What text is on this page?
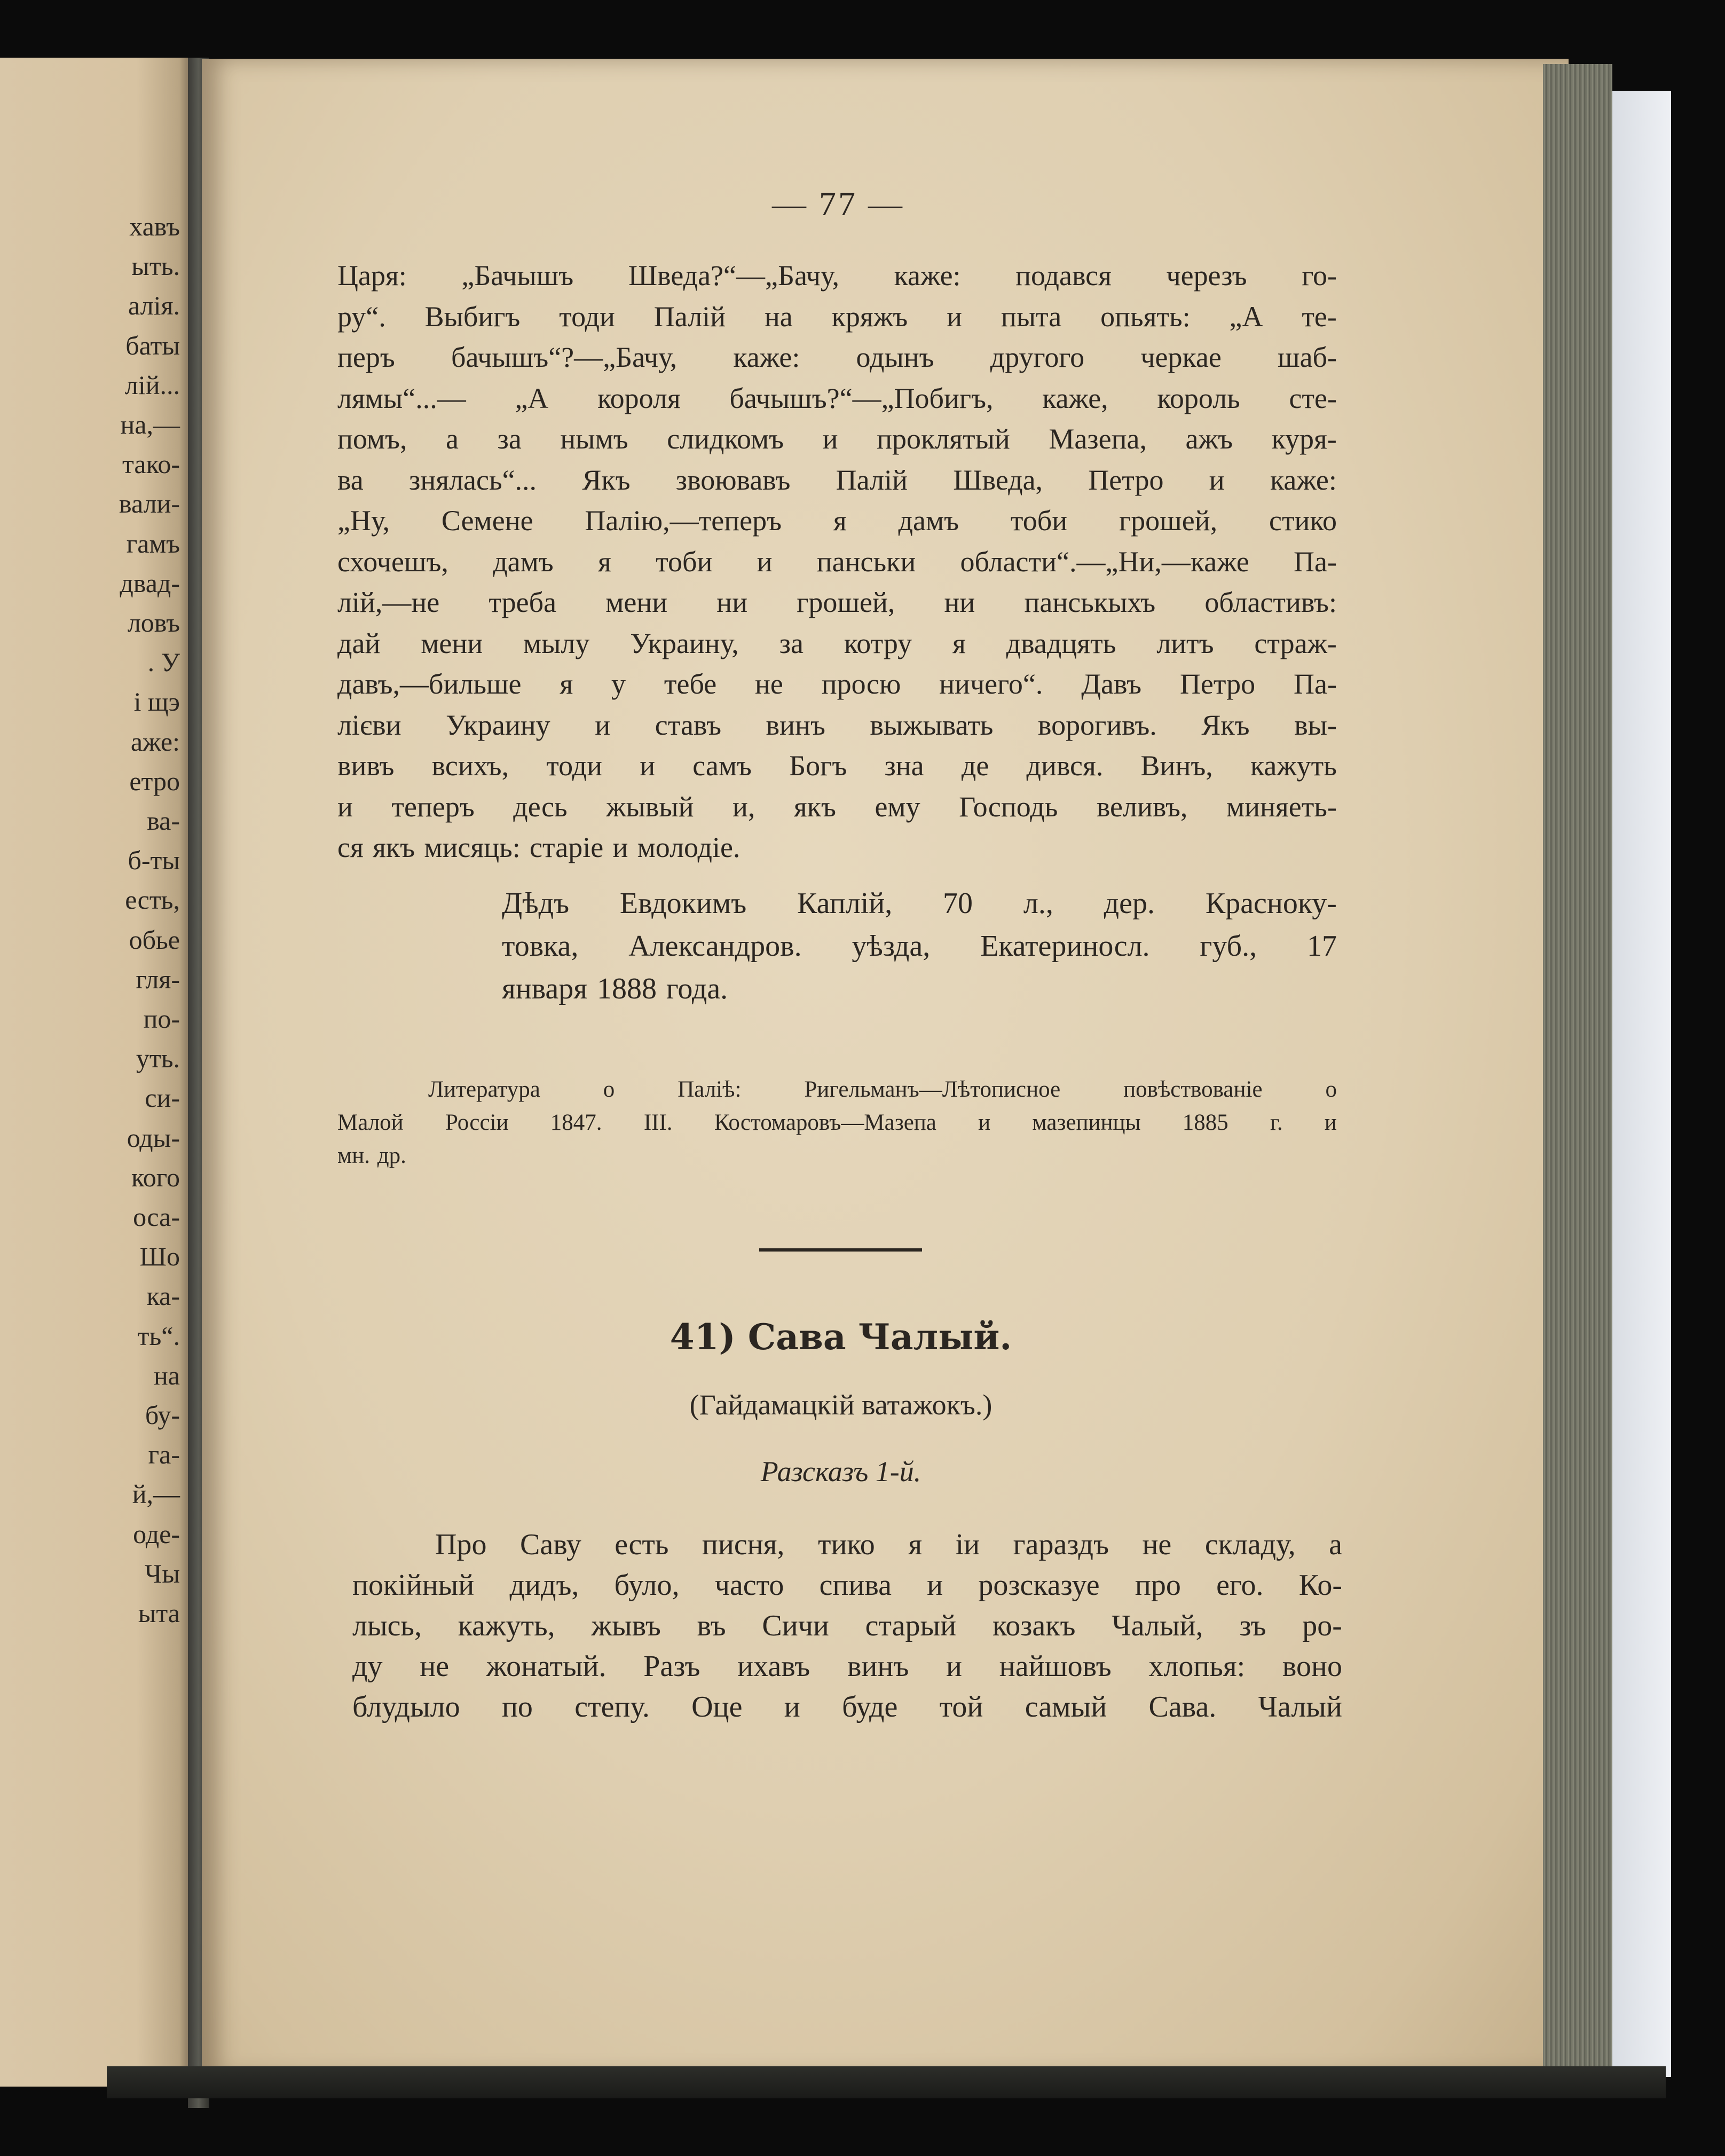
хавъ
ыть.
алія.
баты
лій...
на,—
тако-
вали-
гамъ
двад-
ловъ
. У
і щэ
аже:
етро
ва-
б-ты
есть,
обье
гля-
по-
уть.
си-
оды-
кого
оса-
Шо
ка-
ть“.
на
бу-
га-
й,—
оде-
Чы
ыта
— 77 —
Царя: „Бачышъ Шведа?“—„Бачу, каже: подався черезъ го-
ру“. Выбигъ тоди Палій на кряжъ и пыта опьять: „А те-
перъ бачышъ“?—„Бачу, каже: одынъ другого черкае шаб-
лямы“...— „А короля бачышъ?“—„Побигъ, каже, король сте-
помъ, а за нымъ слидкомъ и проклятый Мазепа, ажъ куря-
ва знялась“... Якъ звоювавъ Палій Шведа, Петро и каже:
„Ну, Семене Палію,—теперъ я дамъ тоби грошей, стико
схочешъ, дамъ я тоби и панськи области“.—„Ни,—каже Па-
лій,—не треба мени ни грошей, ни панськыхъ областивъ:
дай мени мылу Украину, за котру я двадцять литъ страж-
давъ,—бильше я у тебе не просю ничего“. Давъ Петро Па-
лієви Украину и ставъ винъ выжывать ворогивъ. Якъ вы-
вивъ всихъ, тоди и самъ Богъ зна де дився. Винъ, кажуть
и теперъ десь жывый и, якъ ему Господь веливъ, миняеть-
ся якъ мисяць: старіе и молодіе.
Дѣдъ Евдокимъ Каплій, 70 л., дер. Красноку-
товка, Александров. уѣзда, Екатериносл. губ., 17
января 1888 года.
Литература	о	Паліѣ:	Ригельманъ—Лѣтописное	повѣствованіе	о
Малой Россіи 1847. III. Костомаровъ—Мазепа и мазепинцы 1885 г. и
мн. др.
41) Сава Чалый.
(Гайдамацкій ватажокъ.)
Разсказъ 1-й.
Про Саву есть писня, тико я іи гараздъ не складу, а
покійный дидъ, було, часто спива и розсказуе про его. Ко-
лысь, кажуть, жывъ въ Сичи старый козакъ Чалый, зъ ро-
ду не жонатый. Разъ ихавъ винъ и найшовъ хлопья: воно
блудыло по степу. Оце и буде той самый Сава. Чалый
